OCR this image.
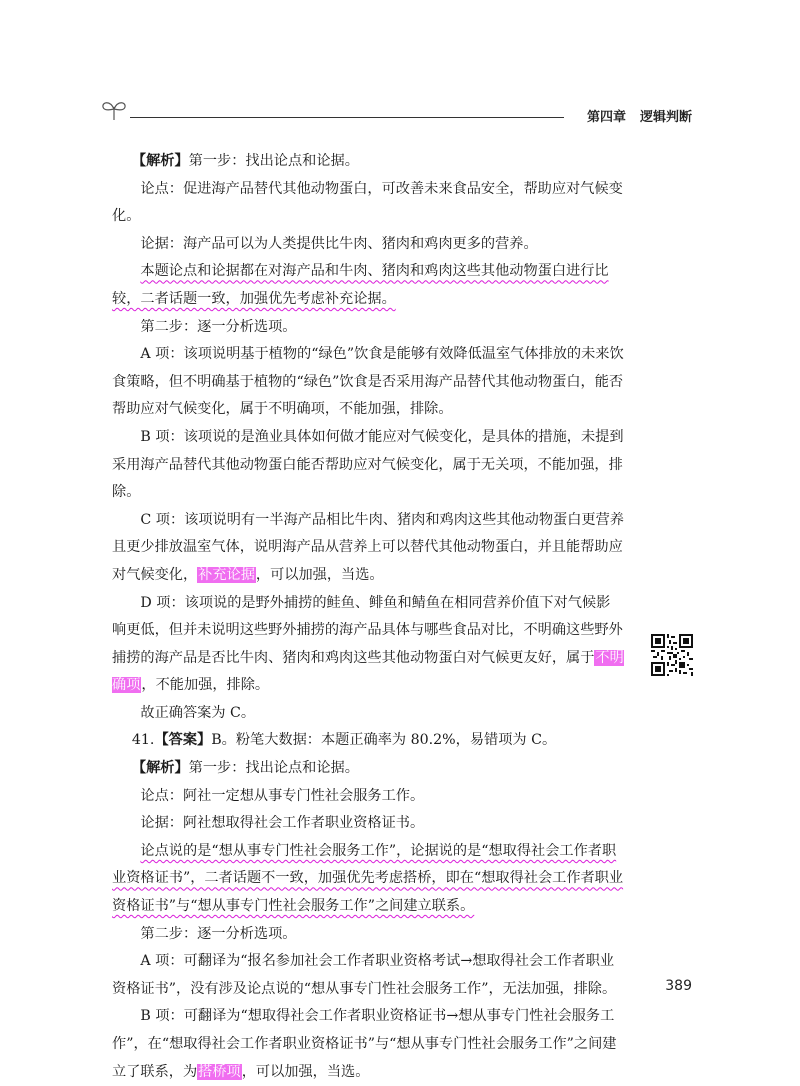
第四章 逻辑判断

【解析】第一步：找出论点和论据。

论点：促进海产品替代其他动物蛋白，可改善未来食品安全，帮助应对气候变化。

论据：海产品可以为人类提供比牛肉、猪肉和鸡肉更多的营养。

本题论点和论据都在对海产品和牛肉、猪肉和鸡肉这些其他动物蛋白进行比较，二者话题一致，加强优先考虑补充论据。

第二步：逐一分析选项。

A 项：该项说明基于植物的“绿色”饮食是能够有效降低温室气体排放的未来饮食策略，但不明确基于植物的“绿色”饮食是否采用海产品替代其他动物蛋白，能否帮助应对气候变化，属于不明确项，不能加强，排除。

B 项：该项说的是渔业具体如何做才能应对气候变化，是具体的措施，未提到采用海产品替代其他动物蛋白能否帮助应对气候变化，属于无关项，不能加强，排除。

C 项：该项说明有一半海产品相比牛肉、猪肉和鸡肉这些其他动物蛋白更营养且更少排放温室气体，说明海产品从营养上可以替代其他动物蛋白，并且能帮助应对气候变化，补充论据，可以加强，当选。

D 项：该项说的是野外捕捞的鲑鱼、鲱鱼和鲭鱼在相同营养价值下对气候影响更低，但并未说明这些野外捕捞的海产品具体与哪些食品对比，不明确这些野外捕捞的海产品是否比牛肉、猪肉和鸡肉这些其他动物蛋白对气候更友好，属于不明确项，不能加强，排除。

故正确答案为 C。

41.【答案】B。粉笔大数据：本题正确率为 80.2%，易错项为 C。

【解析】第一步：找出论点和论据。

论点：阿社一定想从事专门性社会服务工作。

论据：阿社想取得社会工作者职业资格证书。

论点说的是“想从事专门性社会服务工作”，论据说的是“想取得社会工作者职业资格证书”，二者话题不一致，加强优先考虑搭桥，即在“想取得社会工作者职业资格证书”与“想从事专门性社会服务工作”之间建立联系。

第二步：逐一分析选项。

A 项：可翻译为“报名参加社会工作者职业资格考试→想取得社会工作者职业资格证书”，没有涉及论点说的“想从事专门性社会服务工作”，无法加强，排除。

B 项：可翻译为“想取得社会工作者职业资格证书→想从事专门性社会服务工作”，在“想取得社会工作者职业资格证书”与“想从事专门性社会服务工作”之间建立了联系，为搭桥项，可以加强，当选。

389
